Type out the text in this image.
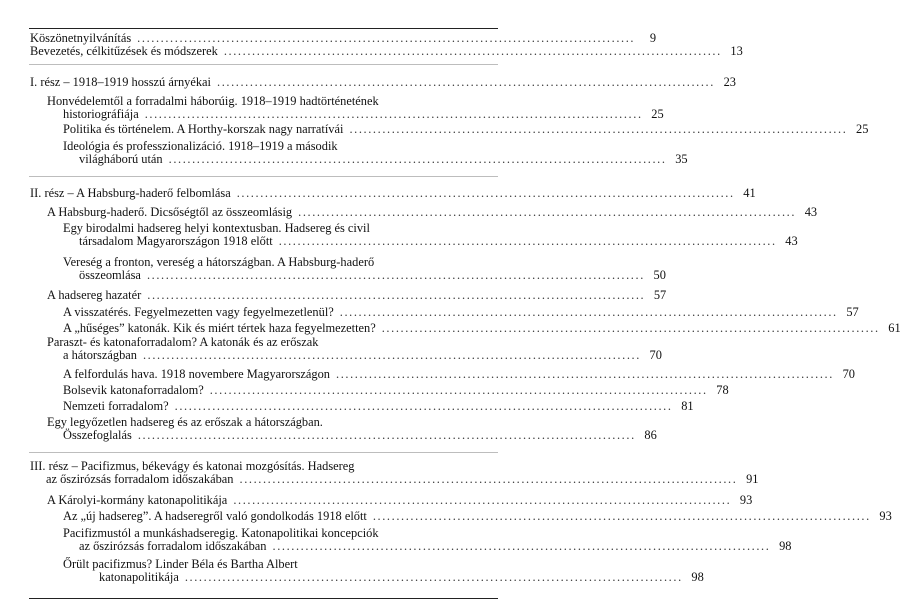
Köszönetnyilvánítás ..........................................................................................................	9
Bevezetés, célkitűzések és módszerek .......................................................................................................... 13
I. rész – 1918–1919 hosszú árnyékai .......................................................................................................... 23
Honvédelemtől a forradalmi háborúig. 1918–1919 hadtörténetének
historiográfiája .......................................................................................................... 25
Politika és történelem. A Horthy-korszak nagy narratívái .......................................................................................................... 25
Ideológia és professzionalizáció. 1918–1919 a második
világháború után .......................................................................................................... 35
II. rész – A Habsburg-haderő felbomlása .......................................................................................................... 41
A Habsburg-haderő. Dicsőségtől az összeomlásig .......................................................................................................... 43
Egy birodalmi hadsereg helyi kontextusban. Hadsereg és civil
társadalom Magyarországon 1918 előtt .......................................................................................................... 43
Vereség a fronton, vereség a hátországban. A Habsburg-haderő
összeomlása .......................................................................................................... 50
A hadsereg hazatér .......................................................................................................... 57
A visszatérés. Fegyelmezetten vagy fegyelmezetlenül? .......................................................................................................... 57
A „hűséges” katonák. Kik és miért tértek haza fegyelmezetten? .......................................................................................................... 61
Paraszt- és katonaforradalom? A katonák és az erőszak
a hátországban .......................................................................................................... 70
A felfordulás hava. 1918 novembere Magyarországon .......................................................................................................... 70
Bolsevik katonaforradalom? .......................................................................................................... 78
Nemzeti forradalom? .......................................................................................................... 81
Egy legyőzetlen hadsereg és az erőszak a hátországban.
Összefoglalás .......................................................................................................... 86
III. rész – Pacifizmus, békevágy és katonai mozgósítás. Hadsereg
az őszirózsás forradalom időszakában .......................................................................................................... 91
A Károlyi-kormány katonapolitikája .......................................................................................................... 93
Az „új hadsereg”. A hadseregről való gondolkodás 1918 előtt .......................................................................................................... 93
Pacifizmustól a munkáshadseregig. Katonapolitikai koncepciók
az őszirózsás forradalom időszakában .......................................................................................................... 98
Őrült pacifizmus? Linder Béla és Bartha Albert
katonapolitikája .......................................................................................................... 98
